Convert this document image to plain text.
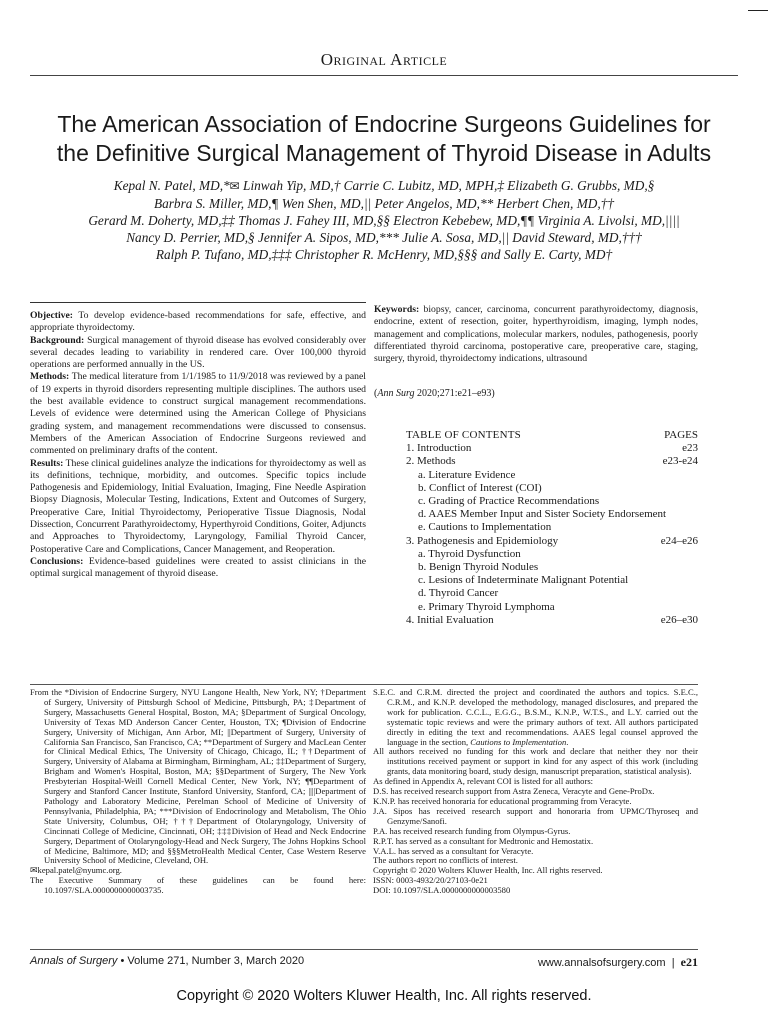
Original Article
The American Association of Endocrine Surgeons Guidelines for
the Definitive Surgical Management of Thyroid Disease in Adults
Kepal N. Patel, MD,*✉ Linwah Yip, MD,† Carrie C. Lubitz, MD, MPH,‡ Elizabeth G. Grubbs, MD,§
Barbra S. Miller, MD,¶ Wen Shen, MD,|| Peter Angelos, MD,** Herbert Chen, MD,††
Gerard M. Doherty, MD,‡‡ Thomas J. Fahey III, MD,§§ Electron Kebebew, MD,¶¶ Virginia A. Livolsi, MD,||||
Nancy D. Perrier, MD,§ Jennifer A. Sipos, MD,*** Julie A. Sosa, MD,|| David Steward, MD,†††
Ralph P. Tufano, MD,‡‡‡ Christopher R. McHenry, MD,§§§ and Sally E. Carty, MD†

Objective: To develop evidence-based recommendations for safe, effective, and appropriate thyroidectomy.

Background: Surgical management of thyroid disease has evolved considerably over several decades leading to variability in rendered care. Over 100,000 thyroid operations are performed annually in the US.

Methods: The medical literature from 1/1/1985 to 11/9/2018 was reviewed by a panel of 19 experts in thyroid disorders representing multiple disciplines. The authors used the best available evidence to construct surgical management recommendations. Levels of evidence were determined using the American College of Physicians grading system, and management recommendations were discussed to consensus. Members of the American Association of Endocrine Surgeons reviewed and commented on preliminary drafts of the content.

Results: These clinical guidelines analyze the indications for thyroidectomy as well as its definitions, technique, morbidity, and outcomes. Specific topics include Pathogenesis and Epidemiology, Initial Evaluation, Imaging, Fine Needle Aspiration Biopsy Diagnosis, Molecular Testing, Indications, Extent and Outcomes of Surgery, Preoperative Care, Initial Thyroidectomy, Perioperative Tissue Diagnosis, Nodal Dissection, Concurrent Parathyroidectomy, Hyperthyroid Conditions, Goiter, Adjuncts and Approaches to Thyroidectomy, Laryngology, Familial Thyroid Cancer, Postoperative Care and Complications, Cancer Management, and Reoperation.

Conclusions: Evidence-based guidelines were created to assist clinicians in the optimal surgical management of thyroid disease.

Keywords: biopsy, cancer, carcinoma, concurrent parathyroidectomy, diagnosis, endocrine, extent of resection, goiter, hyperthyroidism, imaging, lymph nodes, management and complications, molecular markers, nodules, pathogenesis, poorly differentiated thyroid carcinoma, postoperative care, preoperative care, staging, surgery, thyroid, thyroidectomy indications, ultrasound

(Ann Surg 2020;271:e21–e93)
TABLE OF CONTENTS	PAGES
1. Introduction	e23
2. Methods	e23-e24
a. Literature Evidence
b. Conflict of Interest (COI)
c. Grading of Practice Recommendations
d. AAES Member Input and Sister Society Endorsement
e. Cautions to Implementation
3. Pathogenesis and Epidemiology	e24–e26
a. Thyroid Dysfunction
b. Benign Thyroid Nodules
c. Lesions of Indeterminate Malignant Potential
d. Thyroid Cancer
e. Primary Thyroid Lymphoma
4. Initial Evaluation	e26–e30

From the *Division of Endocrine Surgery, NYU Langone Health, New York, NY; †Department of Surgery, University of Pittsburgh School of Medicine, Pittsburgh, PA; ‡Department of Surgery, Massachusetts General Hospital, Boston, MA; §Department of Surgical Oncology, University of Texas MD Anderson Cancer Center, Houston, TX; ¶Division of Endocrine Surgery, University of Michigan, Ann Arbor, MI; ||Department of Surgery, University of California San Francisco, San Francisco, CA; **Department of Surgery and MacLean Center for Clinical Medical Ethics, The University of Chicago, Chicago, IL; ††Department of Surgery, University of Alabama at Birmingham, Birmingham, AL; ‡‡Department of Surgery, Brigham and Women's Hospital, Boston, MA; §§Department of Surgery, The New York Presbyterian Hospital-Weill Cornell Medical Center, New York, NY; ¶¶Department of Surgery and Stanford Cancer Institute, Stanford University, Stanford, CA; ||||Department of Pathology and Laboratory Medicine, Perelman School of Medicine of University of Pennsylvania, Philadelphia, PA; ***Division of Endocrinology and Metabolism, The Ohio State University, Columbus, OH; †††Department of Otolaryngology, University of Cincinnati College of Medicine, Cincinnati, OH; ‡‡‡Division of Head and Neck Endocrine Surgery, Department of Otolaryngology-Head and Neck Surgery, The Johns Hopkins School of Medicine, Baltimore, MD; and §§§MetroHealth Medical Center, Case Western Reserve University School of Medicine, Cleveland, OH.

✉kepal.patel@nyumc.org.

The Executive Summary of these guidelines can be found here: 10.1097/SLA.0000000000003735.

S.E.C. and C.R.M. directed the project and coordinated the authors and topics. S.E.C., C.R.M., and K.N.P. developed the methodology, managed disclosures, and prepared the work for publication. C.C.L., E.G.G., B.S.M., K.N.P., W.T.S., and L.Y. carried out the systematic topic reviews and were the primary authors of text. All authors participated directly in editing the text and recommendations. AAES legal counsel approved the language in the section, Cautions to Implementation.

All authors received no funding for this work and declare that neither they nor their institutions received payment or support in kind for any aspect of this work (including grants, data monitoring board, study design, manuscript preparation, statistical analysis).

As defined in Appendix A, relevant COI is listed for all authors:

D.S. has received research support from Astra Zeneca, Veracyte and Gene-ProDx.

K.N.P. has received honoraria for educational programming from Veracyte.

J.A. Sipos has received research support and honoraria from UPMC/Thyroseq and Genzyme/Sanofi.

P.A. has received research funding from Olympus-Gyrus.

R.P.T. has served as a consultant for Medtronic and Hemostatix.

V.A.L. has served as a consultant for Veracyte.

The authors report no conflicts of interest.

Copyright © 2020 Wolters Kluwer Health, Inc. All rights reserved.

ISSN: 0003-4932/20/27103-0e21

DOI: 10.1097/SLA.0000000000003580

Annals of Surgery • Volume 271, Number 3, March 2020	www.annalsofsurgery.com | e21
Copyright © 2020 Wolters Kluwer Health, Inc. All rights reserved.
